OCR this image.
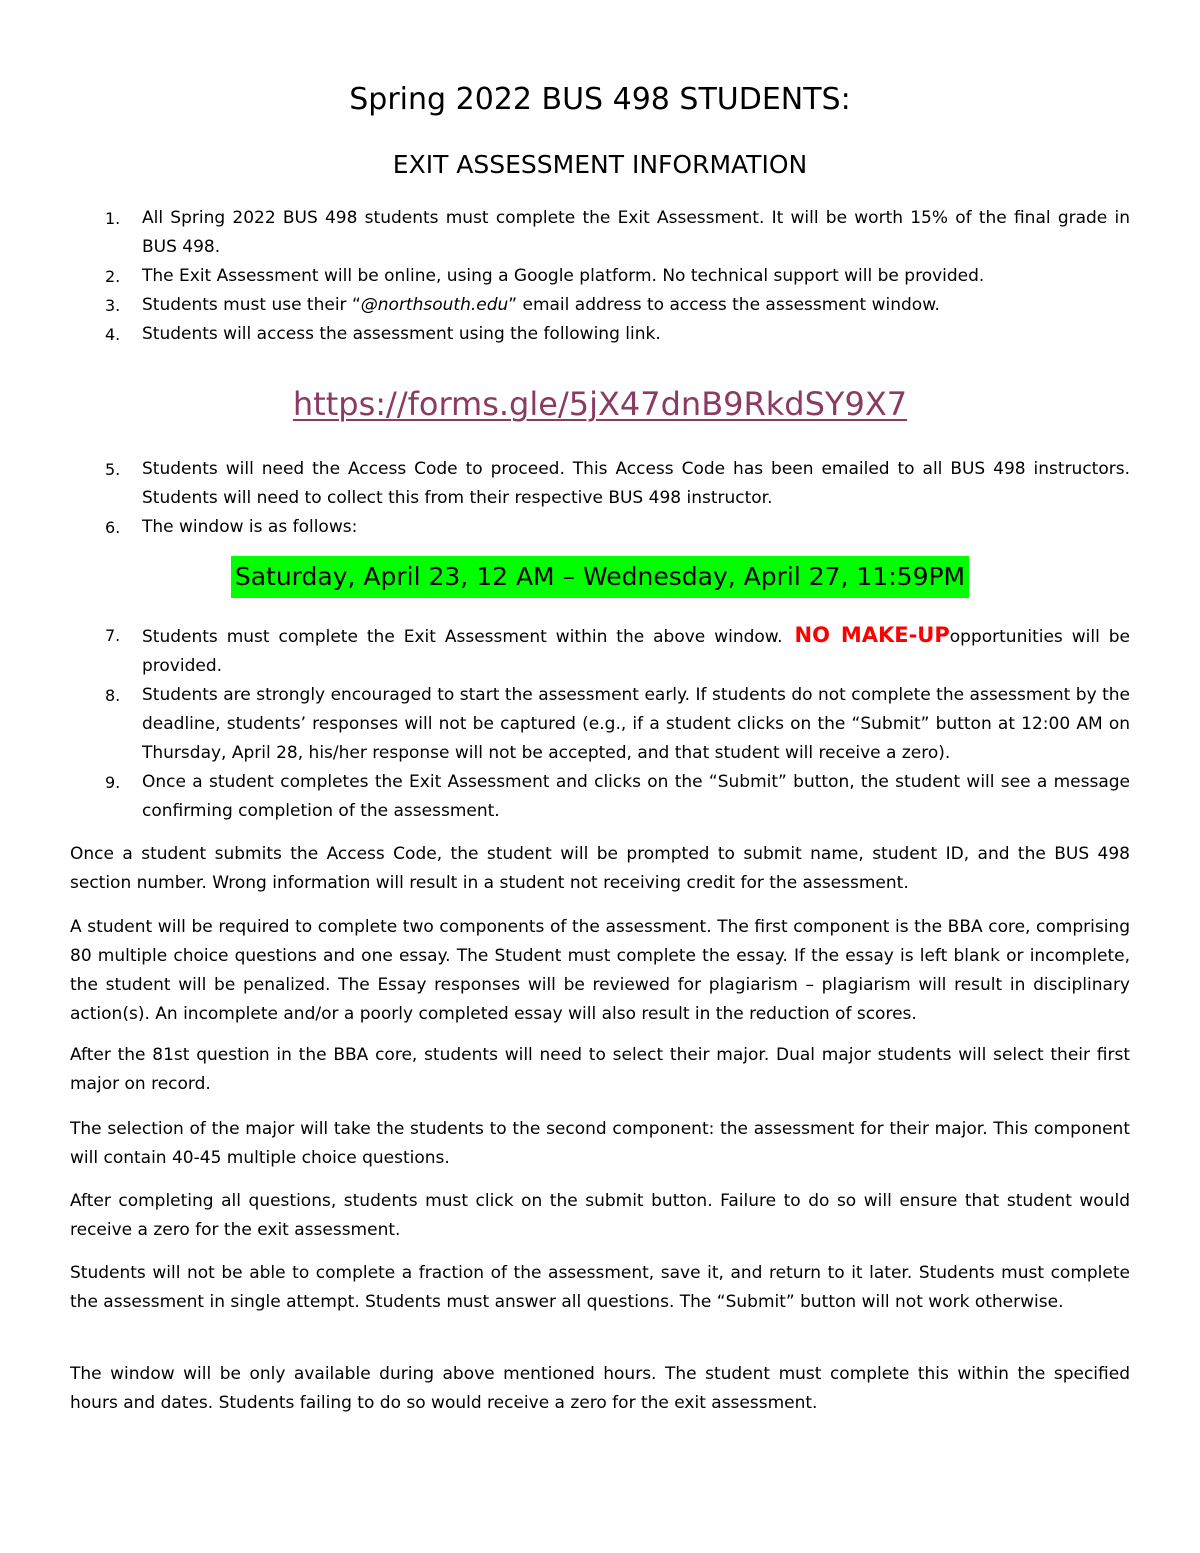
Spring 2022 BUS 498 STUDENTS:
EXIT ASSESSMENT INFORMATION
1. All Spring 2022 BUS 498 students must complete the Exit Assessment. It will be worth 15% of the final grade in BUS 498.
2. The Exit Assessment will be online, using a Google platform. No technical support will be provided.
3. Students must use their “@northsouth.edu” email address to access the assessment window.
4. Students will access the assessment using the following link.

https://forms.gle/5jX47dnB9RkdSY9X7

5. Students will need the Access Code to proceed. This Access Code has been emailed to all BUS 498 instructors. Students will need to collect this from their respective BUS 498 instructor.
6. The window is as follows:

Saturday, April 23, 12 AM – Wednesday, April 27, 11:59PM

7. Students must complete the Exit Assessment within the above window. NO MAKE-UPopportunities will be provided.
8. Students are strongly encouraged to start the assessment early. If students do not complete the assessment by the deadline, students’ responses will not be captured (e.g., if a student clicks on the “Submit” button at 12:00 AM on Thursday, April 28, his/her response will not be accepted, and that student will receive a zero).
9. Once a student completes the Exit Assessment and clicks on the “Submit” button, the student will see a message confirming completion of the assessment.

Once a student submits the Access Code, the student will be prompted to submit name, student ID, and the BUS 498 section number. Wrong information will result in a student not receiving credit for the assessment.

A student will be required to complete two components of the assessment. The first component is the BBA core, comprising 80 multiple choice questions and one essay. The Student must complete the essay. If the essay is left blank or incomplete, the student will be penalized. The Essay responses will be reviewed for plagiarism – plagiarism will result in disciplinary action(s). An incomplete and/or a poorly completed essay will also result in the reduction of scores.

After the 81st question in the BBA core, students will need to select their major. Dual major students will select their first major on record.

The selection of the major will take the students to the second component: the assessment for their major. This component will contain 40-45 multiple choice questions.

After completing all questions, students must click on the submit button. Failure to do so will ensure that student would receive a zero for the exit assessment.

Students will not be able to complete a fraction of the assessment, save it, and return to it later. Students must complete the assessment in single attempt. Students must answer all questions. The “Submit” button will not work otherwise.

The window will be only available during above mentioned hours. The student must complete this within the specified hours and dates. Students failing to do so would receive a zero for the exit assessment.
